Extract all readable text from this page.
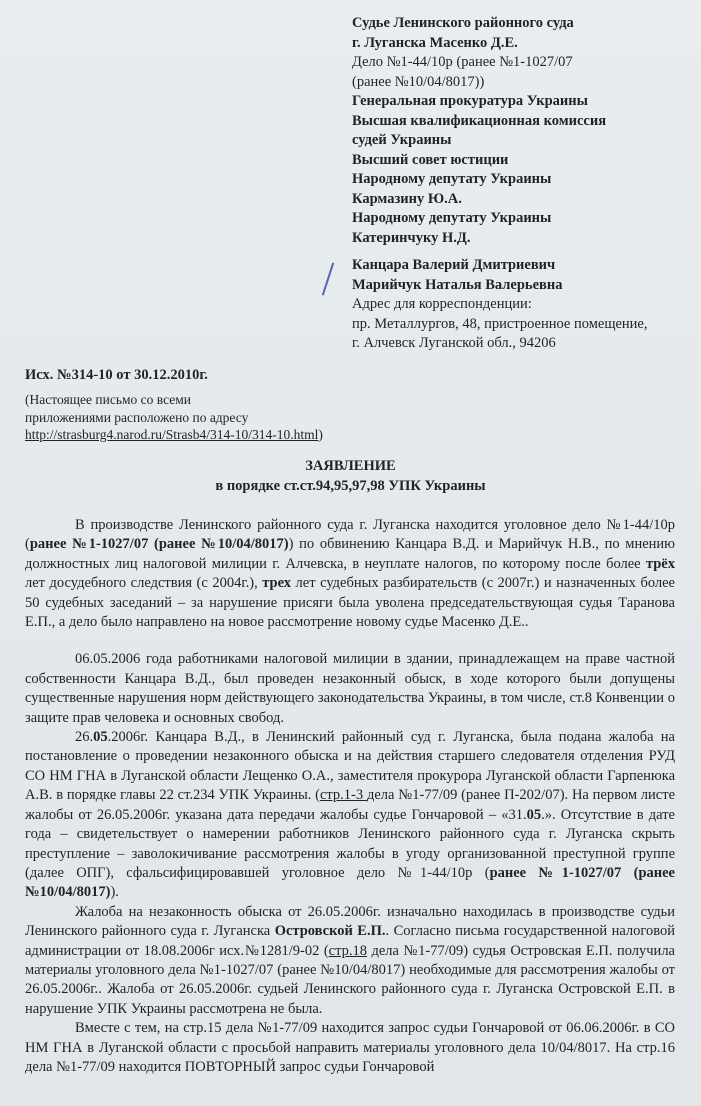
Судье Ленинского районного суда
г. Луганска Масенко Д.Е.
Дело №1-44/10р (ранее №1-1027/07
(ранее №10/04/8017))
Генеральная прокуратура Украины
Высшая квалификационная комиссия
судей Украины
Высший совет юстиции
Народному депутату Украины
Кармазину Ю.А.
Народному депутату Украины
Катеринчуку Н.Д.
Канцара Валерий Дмитриевич
Марийчук Наталья Валерьевна
Адрес для корреспонденции:
пр. Металлургов, 48, пристроенное помещение,
г. Алчевск Луганской обл., 94206
Исх. №314-10 от 30.12.2010г.
(Настоящее письмо со всеми
приложениями расположено по адресу
http://strasburg4.narod.ru/Strasb4/314-10/314-10.html)
ЗАЯВЛЕНИЕ
в порядке ст.ст.94,95,97,98 УПК Украины

В производстве Ленинского районного суда г. Луганска находится уголовное дело №1-44/10р (ранее №1-1027/07 (ранее №10/04/8017)) по обвинению Канцара В.Д. и Марийчук Н.В., по мнению должностных лиц налоговой милиции г. Алчевска, в неуплате налогов, по которому после более трёх лет досудебного следствия (с 2004г.), трех лет судебных разбирательств (с 2007г.) и назначенных более 50 судебных заседаний – за нарушение присяги была уволена председательствующая судья Таранова Е.П., а дело было направлено на новое рассмотрение новому судье Масенко Д.Е..

06.05.2006 года работниками налоговой милиции в здании, принадлежащем на праве частной собственности Канцара В.Д., был проведен незаконный обыск, в ходе которого были допущены существенные нарушения норм действующего законодательства Украины, в том числе, ст.8 Конвенции о защите прав человека и основных свобод.

26.05.2006г. Канцара В.Д., в Ленинский районный суд г. Луганска, была подана жалоба на постановление о проведении незаконного обыска и на действия старшего следователя отделения РУД СО НМ ГНА в Луганской области Лещенко О.А., заместителя прокурора Луганской области Гарпенюка А.В. в порядке главы 22 ст.234 УПК Украины. (стр.1-3 дела №1-77/09 (ранее П-202/07). На первом листе жалобы от 26.05.2006г. указана дата передачи жалобы судье Гончаровой – «31.05.». Отсутствие в дате года – свидетельствует о намерении работников Ленинского районного суда г. Луганска скрыть преступление – заволокичивание рассмотрения жалобы в угоду организованной преступной группе (далее ОПГ), сфальсифицировавшей уголовное дело №1-44/10р (ранее №1-1027/07 (ранее №10/04/8017)).

Жалоба на незаконность обыска от 26.05.2006г. изначально находилась в производстве судьи Ленинского районного суда г. Луганска Островской Е.П.. Согласно письма государственной налоговой администрации от 18.08.2006г исх.№1281/9-02 (стр.18 дела №1-77/09) судья Островская Е.П. получила материалы уголовного дела №1-1027/07 (ранее №10/04/8017) необходимые для рассмотрения жалобы от 26.05.2006г.. Жалоба от 26.05.2006г. судьей Ленинского районного суда г. Луганска Островской Е.П. в нарушение УПК Украины рассмотрена не была.

Вместе с тем, на стр.15 дела №1-77/09 находится запрос судьи Гончаровой от 06.06.2006г. в СО НМ ГНА в Луганской области с просьбой направить материалы уголовного дела 10/04/8017. На стр.16 дела №1-77/09 находится ПОВТОРНЫЙ запрос судьи Гончаровой
